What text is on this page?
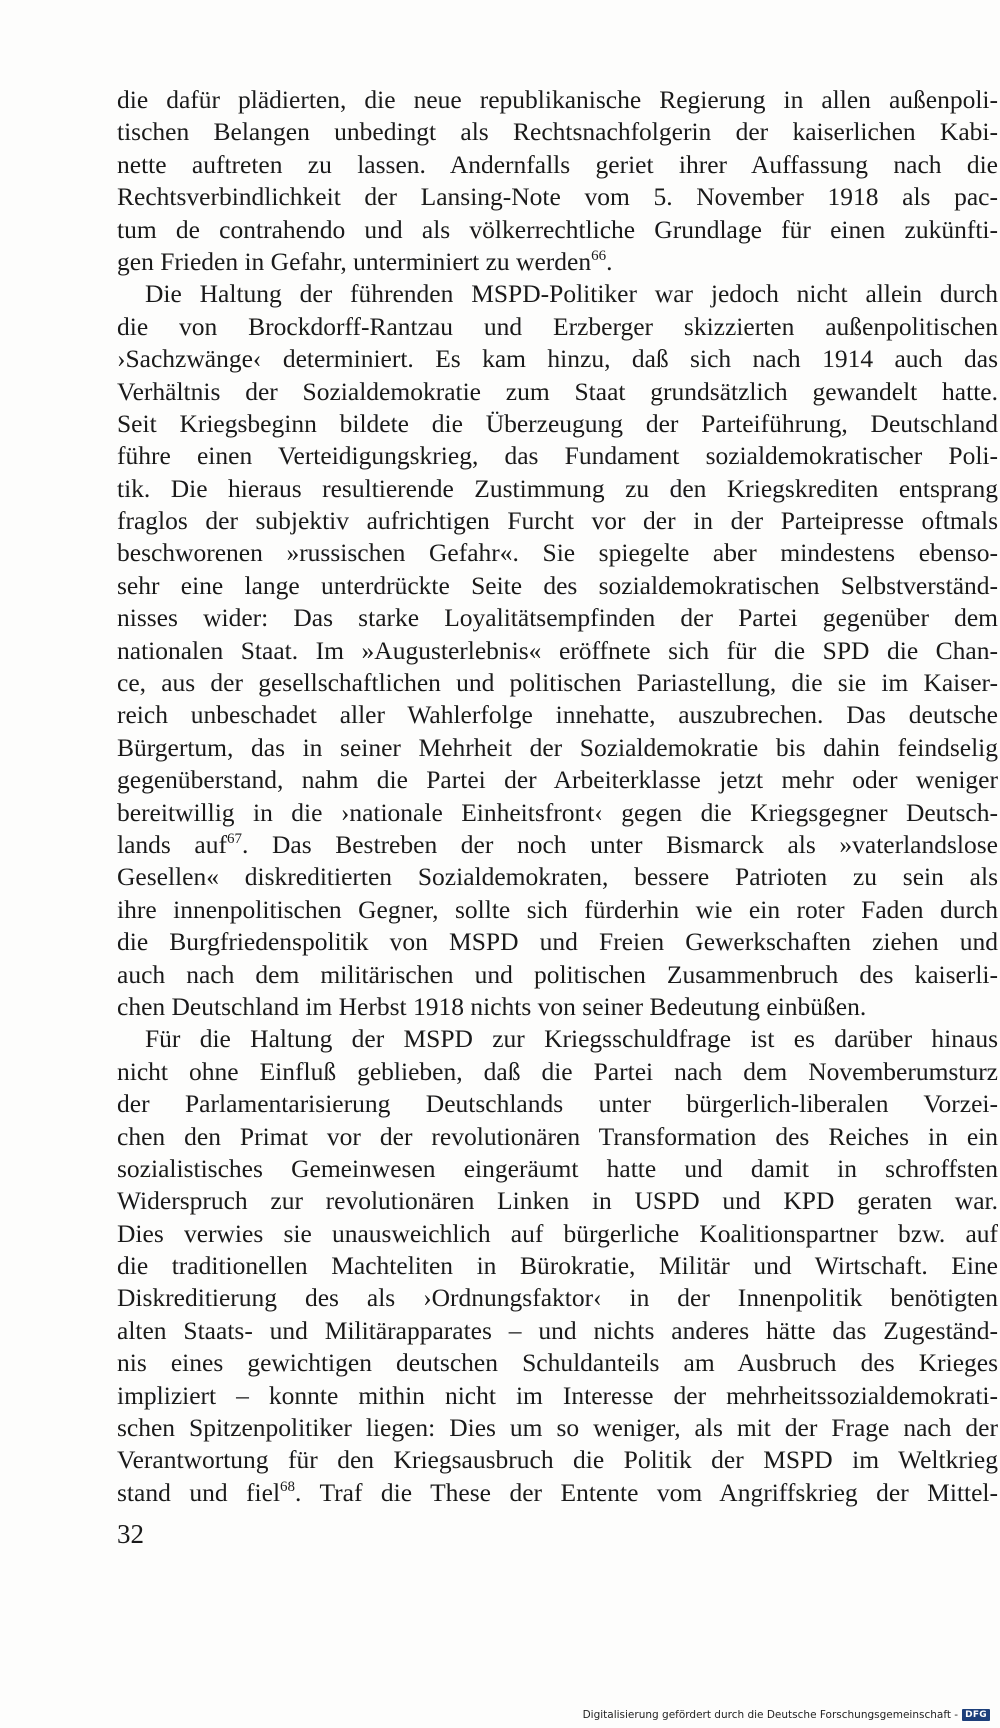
die dafür plädierten, die neue republikanische Regierung in allen außenpoli-
tischen Belangen unbedingt als Rechtsnachfolgerin der kaiserlichen Kabi-
nette auftreten zu lassen. Andernfalls geriet ihrer Auffassung nach die
Rechtsverbindlichkeit der Lansing-Note vom 5. November 1918 als pac-
tum de contrahendo und als völkerrechtliche Grundlage für einen zukünfti-
gen Frieden in Gefahr, unterminiert zu werden$^{66}$.
Die Haltung der führenden MSPD-Politiker war jedoch nicht allein durch
die von Brockdorff-Rantzau und Erzberger skizzierten außenpolitischen
›Sachzwänge‹ determiniert. Es kam hinzu, daß sich nach 1914 auch das
Verhältnis der Sozialdemokratie zum Staat grundsätzlich gewandelt hatte.
Seit Kriegsbeginn bildete die Überzeugung der Parteiführung, Deutschland
führe einen Verteidigungskrieg, das Fundament sozialdemokratischer Poli-
tik. Die hieraus resultierende Zustimmung zu den Kriegskrediten entsprang
fraglos der subjektiv aufrichtigen Furcht vor der in der Parteipresse oftmals
beschworenen »russischen Gefahr«. Sie spiegelte aber mindestens ebenso-
sehr eine lange unterdrückte Seite des sozialdemokratischen Selbstverständ-
nisses wider: Das starke Loyalitätsempfinden der Partei gegenüber dem
nationalen Staat. Im »Augusterlebnis« eröffnete sich für die SPD die Chan-
ce, aus der gesellschaftlichen und politischen Pariastellung, die sie im Kaiser-
reich unbeschadet aller Wahlerfolge innehatte, auszubrechen. Das deutsche
Bürgertum, das in seiner Mehrheit der Sozialdemokratie bis dahin feindselig
gegenüberstand, nahm die Partei der Arbeiterklasse jetzt mehr oder weniger
bereitwillig in die ›nationale Einheitsfront‹ gegen die Kriegsgegner Deutsch-
lands auf$^{67}$. Das Bestreben der noch unter Bismarck als »vaterlandslose
Gesellen« diskreditierten Sozialdemokraten, bessere Patrioten zu sein als
ihre innenpolitischen Gegner, sollte sich fürderhin wie ein roter Faden durch
die Burgfriedenspolitik von MSPD und Freien Gewerkschaften ziehen und
auch nach dem militärischen und politischen Zusammenbruch des kaiserli-
chen Deutschland im Herbst 1918 nichts von seiner Bedeutung einbüßen.
Für die Haltung der MSPD zur Kriegsschuldfrage ist es darüber hinaus
nicht ohne Einfluß geblieben, daß die Partei nach dem Novemberumsturz
der Parlamentarisierung Deutschlands unter bürgerlich-liberalen Vorzei-
chen den Primat vor der revolutionären Transformation des Reiches in ein
sozialistisches Gemeinwesen eingeräumt hatte und damit in schroffsten
Widerspruch zur revolutionären Linken in USPD und KPD geraten war.
Dies verwies sie unausweichlich auf bürgerliche Koalitionspartner bzw. auf
die traditionellen Machteliten in Bürokratie, Militär und Wirtschaft. Eine
Diskreditierung des als ›Ordnungsfaktor‹ in der Innenpolitik benötigten
alten Staats- und Militärapparates – und nichts anderes hätte das Zugeständ-
nis eines gewichtigen deutschen Schuldanteils am Ausbruch des Krieges
impliziert – konnte mithin nicht im Interesse der mehrheitssozialdemokrati-
schen Spitzenpolitiker liegen: Dies um so weniger, als mit der Frage nach der
Verantwortung für den Kriegsausbruch die Politik der MSPD im Weltkrieg
stand und fiel$^{68}$. Traf die These der Entente vom Angriffskrieg der Mittel-
32
Digitalisierung gefördert durch die Deutsche Forschungsgemeinschaft - DFG
